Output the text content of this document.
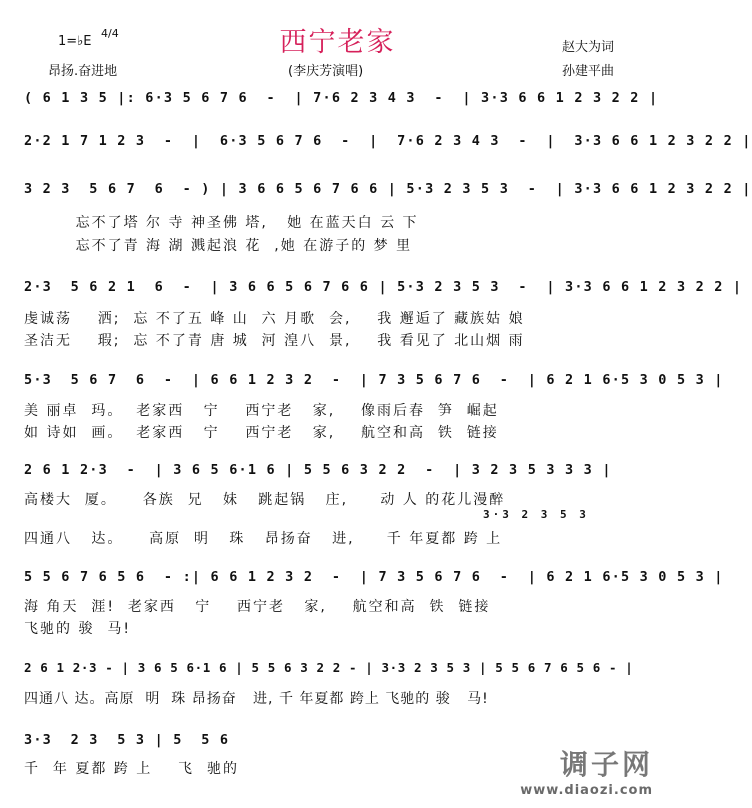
西宁老家
1=♭E
4/4
昂扬.奋进地	(李庆芳演唱)
赵大为词
孙建平曲
( 6 1 3 5 |: 6·3 5 6 7 6  -  | 7·6 2 3 4 3  -  | 3·3 6 6 1 2 3 2 2 |
2·2 1 7 1 2 3  -  |  6·3 5 6 7 6  -  |  7·6 2 3 4 3  -  |  3·3 6 6 1 2 3 2 2 |
3 2 3  5 6 7  6  - ) | 3 6 6 5 6 7 6 6 | 5·3 2 3 5 3  -  | 3·3 6 6 1 2 3 2 2 |
忘不了塔 尔 寺 神圣佛 塔,   她 在蓝天白 云 下
忘不了青 海 湖 溅起浪 花  ,她 在游子的 梦 里
2·3  5 6 2 1  6  -  | 3 6 6 5 6 7 6 6 | 5·3 2 3 5 3  -  | 3·3 6 6 1 2 3 2 2 |
虔诚荡    洒;  忘 不了五 峰 山  六 月歌  会,    我 邂逅了 藏族姑 娘
圣洁无    瑕;  忘 不了青 唐 城  河 湟八  景,    我 看见了 北山烟 雨
5·3  5 6 7  6  -  | 6 6 1 2 3 2  -  | 7 3 5 6 7 6  -  | 6 2 1 6·5 3 0 5 3 |
美 丽卓  玛。  老家西   宁    西宁老   家,    像雨后春  笋  崛起
如 诗如  画。  老家西   宁    西宁老   家,    航空和高  铁  链接
2 6 1 2·3  -  | 3 6 5 6·1 6 | 5 5 6 3 2 2  -  | 3 2 3 5 3 3 3 |
高楼大  厦。    各族  兄   妹   跳起锅   庄,     动 人 的花儿漫醉
3·3 2 3 5 3
四通八   达。    高原  明   珠   昂扬奋   进,     千 年夏都 跨 上
5 5 6 7 6 5 6  - :| 6 6 1 2 3 2  -  | 7 3 5 6 7 6  -  | 6 2 1 6·5 3 0 5 3 |
海 角天  涯!  老家西   宁    西宁老   家,    航空和高  铁  链接
飞驰的 骏  马!
2 6 1 2·3 - | 3 6 5 6·1 6 | 5 5 6 3 2 2 - | 3·3 2 3 5 3 | 5 5 6 7 6 5 6 - |
四通八 达。高原  明  珠 昂扬奋   进, 千 年夏都 跨上 飞驰的 骏   马!
3·3  2 3  5 3 | 5  5 6
千  年 夏都 跨 上    飞  驰的	调子网
www.diaozi.com
